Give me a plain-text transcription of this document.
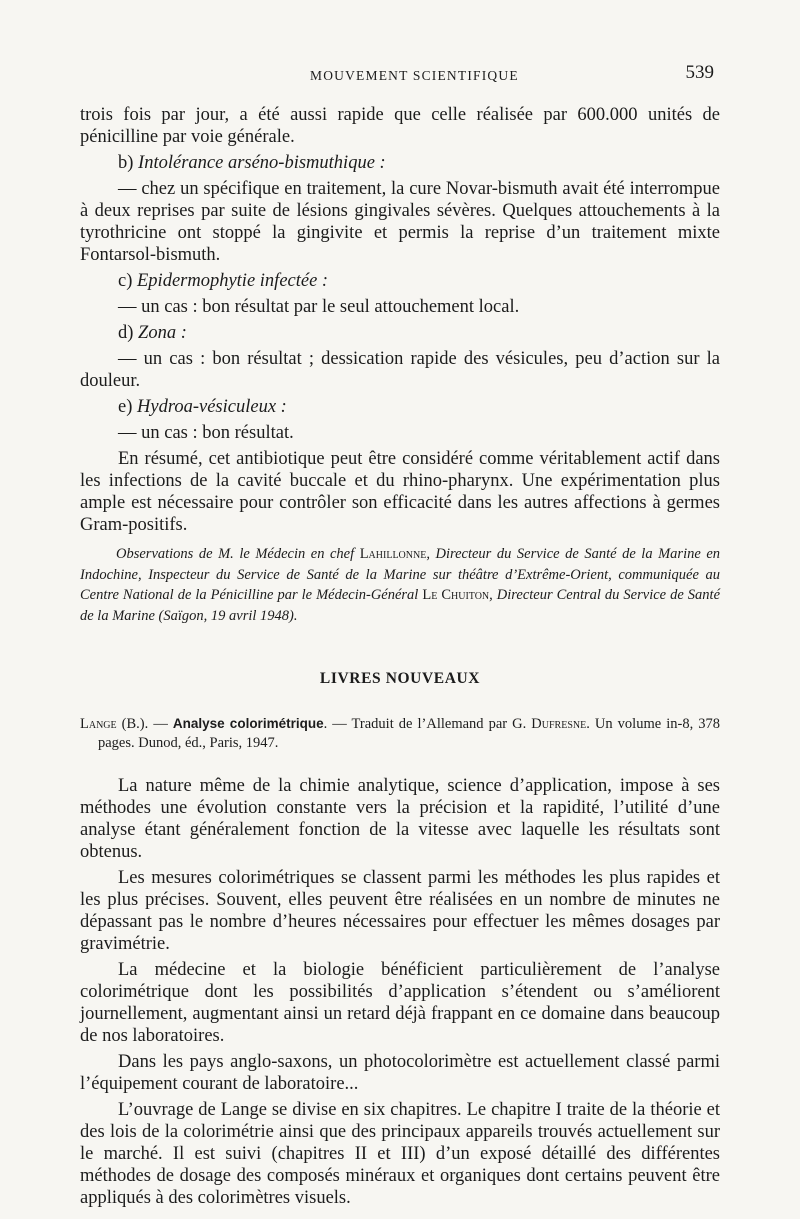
MOUVEMENT SCIENTIFIQUE	539

trois fois par jour, a été aussi rapide que celle réalisée par 600.000 unités de pénicilline par voie générale.

b) Intolérance arséno-bismuthique :

— chez un spécifique en traitement, la cure Novar-bismuth avait été interrompue à deux reprises par suite de lésions gingivales sévères. Quelques attouchements à la tyrothricine ont stoppé la gingivite et permis la reprise d’un traitement mixte Fontarsol-bismuth.

c) Epidermophytie infectée :

— un cas : bon résultat par le seul attouchement local.

d) Zona :

— un cas : bon résultat ; dessication rapide des vésicules, peu d’action sur la douleur.

e) Hydroa-vésiculeux :

— un cas : bon résultat.

En résumé, cet antibiotique peut être considéré comme véritablement actif dans les infections de la cavité buccale et du rhino-pharynx. Une expérimentation plus ample est nécessaire pour contrôler son efficacité dans les autres affections à germes Gram-positifs.

Observations de M. le Médecin en chef Lahillonne, Directeur du Service de Santé de la Marine en Indochine, Inspecteur du Service de Santé de la Marine sur théâtre d’Extrême-Orient, communiquée au Centre National de la Pénicilline par le Médecin-Général Le Chuiton, Directeur Central du Service de Santé de la Marine (Saïgon, 19 avril 1948).

LIVRES NOUVEAUX

Lange (B.). — Analyse colorimétrique. — Traduit de l’Allemand par G. Dufresne. Un volume in-8, 378 pages. Dunod, éd., Paris, 1947.

La nature même de la chimie analytique, science d’application, impose à ses méthodes une évolution constante vers la précision et la rapidité, l’utilité d’une analyse étant généralement fonction de la vitesse avec laquelle les résultats sont obtenus.

Les mesures colorimétriques se classent parmi les méthodes les plus rapides et les plus précises. Souvent, elles peuvent être réalisées en un nombre de minutes ne dépassant pas le nombre d’heures nécessaires pour effectuer les mêmes dosages par gravimétrie.

La médecine et la biologie bénéficient particulièrement de l’analyse colorimétrique dont les possibilités d’application s’étendent ou s’améliorent journellement, augmentant ainsi un retard déjà frappant en ce domaine dans beaucoup de nos laboratoires.

Dans les pays anglo-saxons, un photocolorimètre est actuellement classé parmi l’équipement courant de laboratoire...

L’ouvrage de Lange se divise en six chapitres. Le chapitre I traite de la théorie et des lois de la colorimétrie ainsi que des principaux appareils trouvés actuellement sur le marché. Il est suivi (chapitres II et III) d’un exposé détaillé des différentes méthodes de dosage des composés minéraux et organiques dont certains peuvent être appliqués à des colorimètres visuels.
